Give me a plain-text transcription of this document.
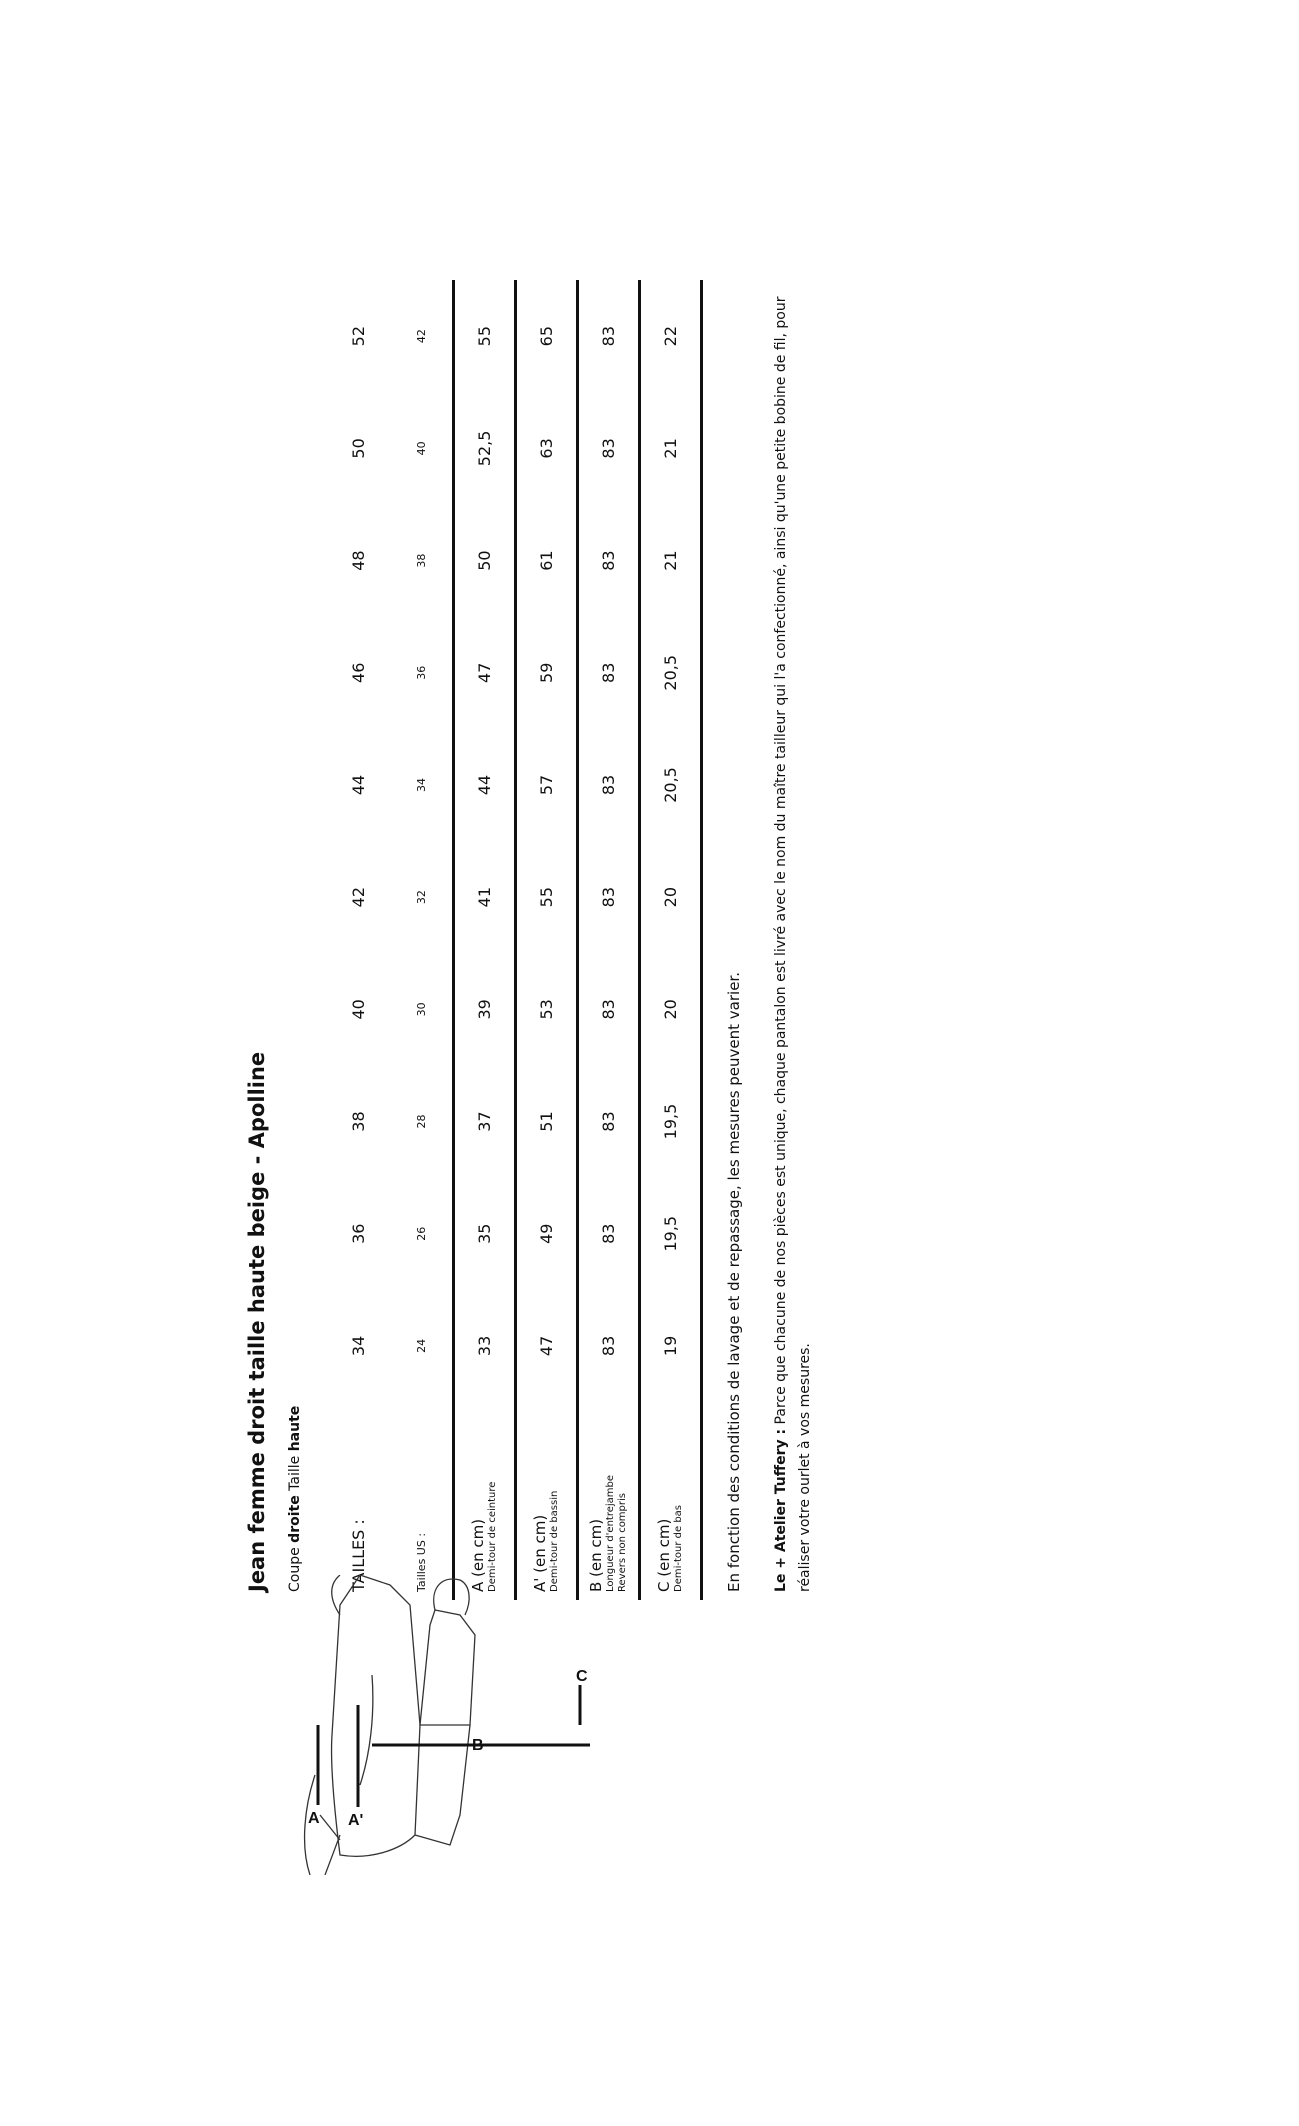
Jean femme droit taille haute beige - Apolline Coupe droite Taille haute
TAILLES :	34	36	38	40	42	44	46	48	50	52
Tailles US :	24	26	28	30	32	34	36	38	40	42

A (en cm) Demi-tour de ceinture	33	35	37	39	41	44	47	50	52,5	55

A' (en cm) Demi-tour de bassin	47	49	51	53	55	57	59	61	63	65

B (en cm) Longueur d'entrejambe
Revers non compris	83	83	83	83	83	83	83	83	83	83

C (en cm) Demi-tour de bas	19	19,5	19,5	20	20	20,5	20,5	21	21	22
En fonction des conditions de lavage et de repassage, les mesures peuvent varier. Le + Atelier Tuffery : Parce que chacune de nos pièces est unique, chaque pantalon est livré avec le nom du maître tailleur qui l'a confectionné, ainsi qu'une petite bobine de fil, pour réaliser votre ourlet à vos mesures.
A A'
B
C
